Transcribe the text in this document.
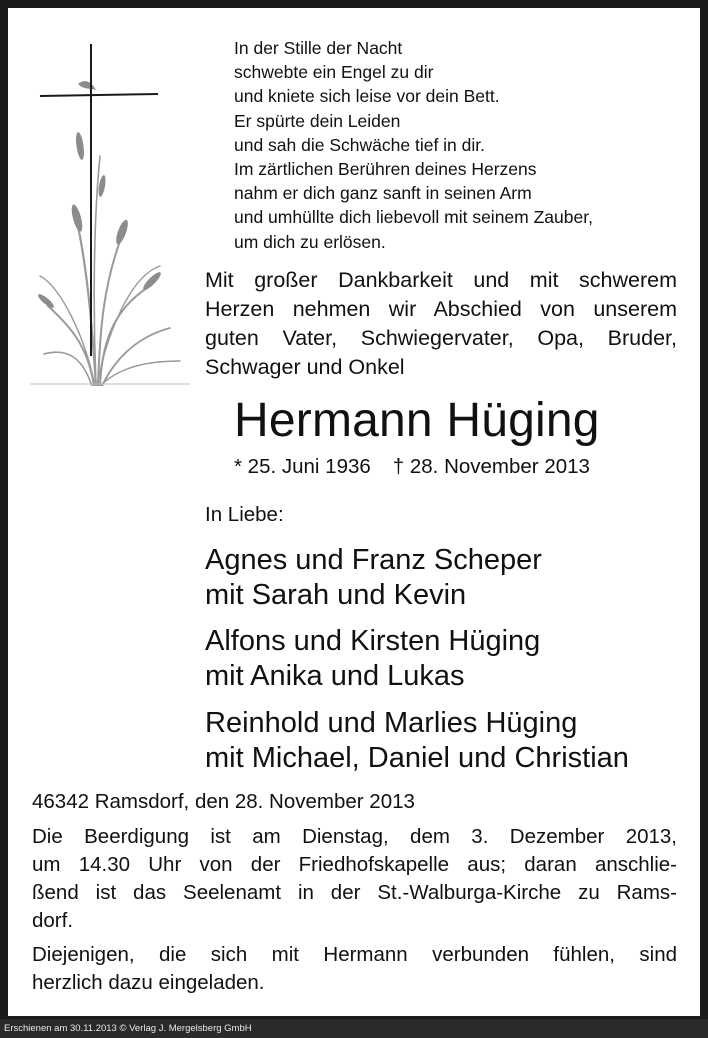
In der Stille der Nacht
schwebte ein Engel zu dir
und kniete sich leise vor dein Bett.
Er spürte dein Leiden
und sah die Schwäche tief in dir.
Im zärtlichen Berühren deines Herzens
nahm er dich ganz sanft in seinen Arm
und umhüllte dich liebevoll mit seinem Zauber,
um dich zu erlösen.
Mit großer Dankbarkeit und mit schwerem
Herzen nehmen wir Abschied von unserem
guten Vater, Schwiegervater, Opa, Bruder,
Schwager und Onkel
Hermann Hüging
* 25. Juni 1936 † 28. November 2013
In Liebe:
Agnes und Franz Scheper
mit Sarah und Kevin
Alfons und Kirsten Hüging
mit Anika und Lukas
Reinhold und Marlies Hüging
mit Michael, Daniel und Christian
46342 Ramsdorf, den 28. November 2013
Die Beerdigung ist am Dienstag, dem 3. Dezember 2013,
um 14.30 Uhr von der Friedhofskapelle aus; daran anschlie-
ßend ist das Seelenamt in der St.-Walburga-Kirche zu Rams-
dorf.
Diejenigen, die sich mit Hermann verbunden fühlen, sind
herzlich dazu eingeladen.
Erschienen am 30.11.2013 © Verlag J. Mergelsberg GmbH
